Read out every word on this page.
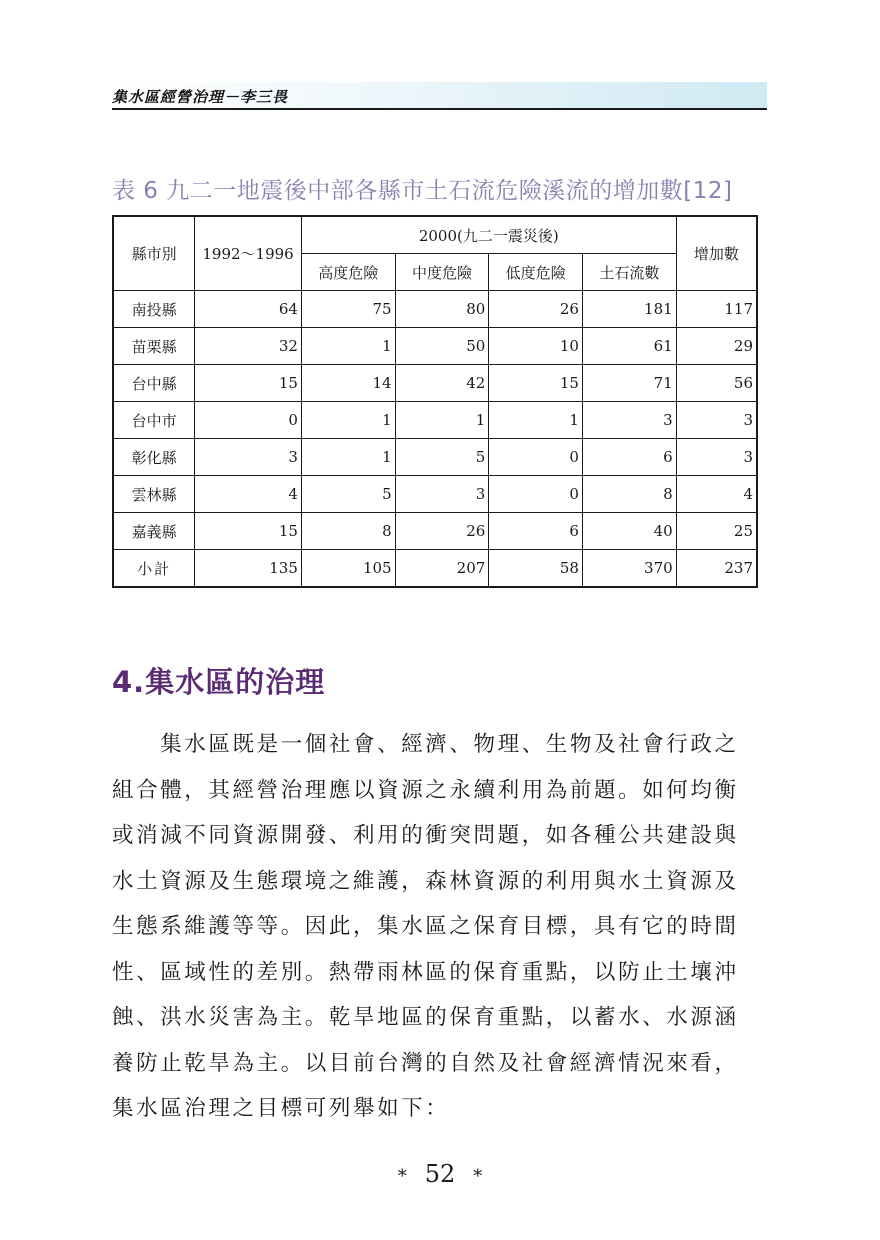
集水區經營治理－李三畏
表 6 九二一地震後中部各縣市土石流危險溪流的增加數[12]
縣市別	1992～1996	2000(九二一震災後)				增加數
		高度危險	中度危險	低度危險	土石流數	
南投縣	64	75	80	26	181	117
苗栗縣	32	1	50	10	61	29
台中縣	15	14	42	15	71	56
台中市	0	1	1	1	3	3
彰化縣	3	1	5	0	6	3
雲林縣	4	5	3	0	8	4
嘉義縣	15	8	26	6	40	25
小計	135	105	207	58	370	237
4.集水區的治理
　　集水區既是一個社會、經濟、物理、生物及社會行政之
組合體，其經營治理應以資源之永續利用為前題。如何均衡
或消減不同資源開發、利用的衝突問題，如各種公共建設與
水土資源及生態環境之維護，森林資源的利用與水土資源及
生態系維護等等。因此，集水區之保育目標，具有它的時間
性、區域性的差別。熱帶雨林區的保育重點，以防止土壤沖
蝕、洪水災害為主。乾旱地區的保育重點，以蓄水、水源涵
養防止乾旱為主。以目前台灣的自然及社會經濟情況來看，
集水區治理之目標可列舉如下：
* 52 *
